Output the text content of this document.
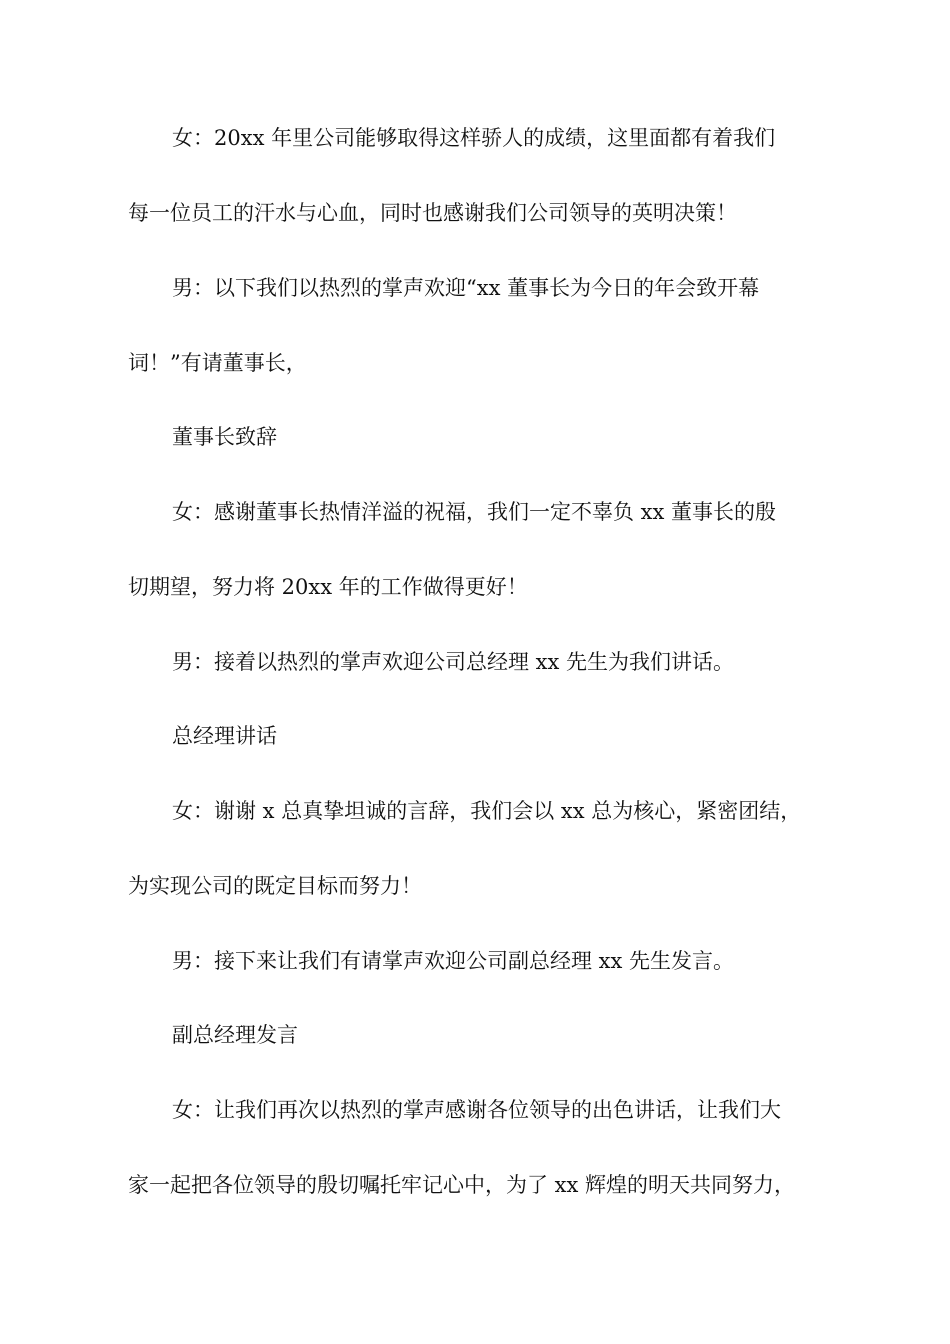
女：20xx 年里公司能够取得这样骄人的成绩，这里面都有着我们
每一位员工的汗水与心血，同时也感谢我们公司领导的英明决策！
男：以下我们以热烈的掌声欢迎“xx 董事长为今日的年会致开幕
词！”有请董事长，
董事长致辞
女：感谢董事长热情洋溢的祝福，我们一定不辜负 xx 董事长的殷
切期望，努力将 20xx 年的工作做得更好！
男：接着以热烈的掌声欢迎公司总经理 xx 先生为我们讲话。
总经理讲话
女：谢谢 x 总真挚坦诚的言辞，我们会以 xx 总为核心，紧密团结，
为实现公司的既定目标而努力！
男：接下来让我们有请掌声欢迎公司副总经理 xx 先生发言。
副总经理发言
女：让我们再次以热烈的掌声感谢各位领导的出色讲话，让我们大
家一起把各位领导的殷切嘱托牢记心中，为了 xx 辉煌的明天共同努力，
